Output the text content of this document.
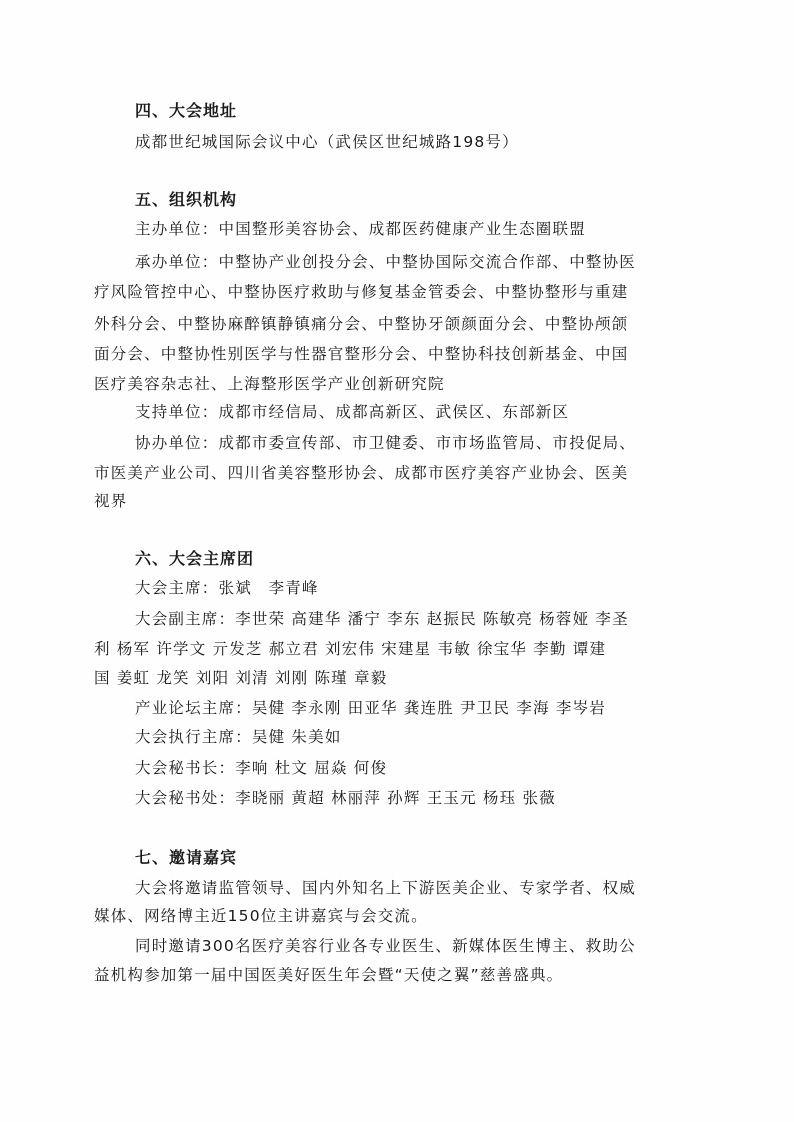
四、大会地址
成都世纪城国际会议中心（武侯区世纪城路198号）
五、组织机构
主办单位：中国整形美容协会、成都医药健康产业生态圈联盟
承办单位：中整协产业创投分会、中整协国际交流合作部、中整协医
疗风险管控中心、中整协医疗救助与修复基金管委会、中整协整形与重建
外科分会、中整协麻醉镇静镇痛分会、中整协牙颌颜面分会、中整协颅颌
面分会、中整协性别医学与性器官整形分会、中整协科技创新基金、中国
医疗美容杂志社、上海整形医学产业创新研究院
支持单位：成都市经信局、成都高新区、武侯区、东部新区
协办单位：成都市委宣传部、市卫健委、市市场监管局、市投促局、
市医美产业公司、四川省美容整形协会、成都市医疗美容产业协会、医美
视界
六、大会主席团
大会主席：张斌　李青峰
大会副主席：李世荣 高建华 潘宁 李东 赵振民 陈敏亮 杨蓉娅 李圣
利 杨军 许学文 亓发芝 郝立君 刘宏伟 宋建星 韦敏 徐宝华 李勤 谭建
国 姜虹 龙笑 刘阳 刘清 刘刚 陈瑾 章毅
产业论坛主席：吴健 李永刚 田亚华 龚连胜 尹卫民 李海 李岑岩
大会执行主席：吴健 朱美如
大会秘书长：李响 杜文 屈焱 何俊
大会秘书处：李晓丽 黄超 林丽萍 孙辉 王玉元 杨珏 张薇
七、邀请嘉宾
大会将邀请监管领导、国内外知名上下游医美企业、专家学者、权威
媒体、网络博主近150位主讲嘉宾与会交流。
同时邀请300名医疗美容行业各专业医生、新媒体医生博主、救助公
益机构参加第一届中国医美好医生年会暨“天使之翼”慈善盛典。
